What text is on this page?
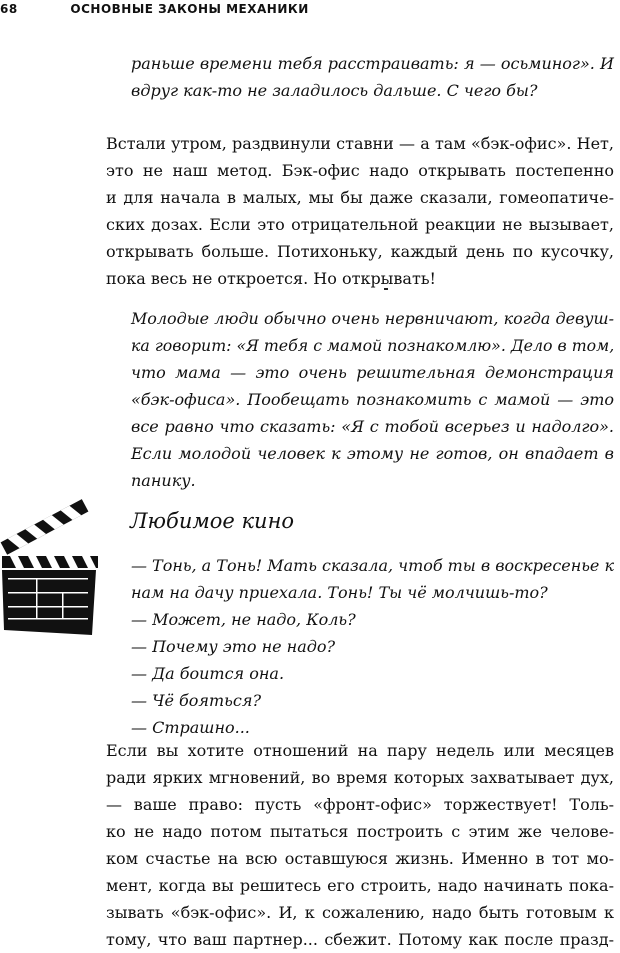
68	ОСНОВНЫЕ ЗАКОНЫ МЕХАНИКИ
раньше времени тебя расстраивать: я — осьминог». И
вдруг как-то не заладилось дальше. С чего бы?
Встали утром, раздвинули ставни — а там «бэк-офис». Нет,
это не наш метод. Бэк-офис надо открывать постепенно
и для начала в малых, мы бы даже сказали, гомеопатиче-
ских дозах. Если это отрицательной реакции не вызывает,
открывать больше. Потихоньку, каждый день по кусочку,
пока весь не откроется. Но открывать!
Молодые люди обычно очень нервничают, когда девуш-
ка говорит: «Я тебя с мамой познакомлю». Дело в том,
что мама — это очень решительная демонстрация
«бэк-офиса». Пообещать познакомить с мамой — это
все равно что сказать: «Я с тобой всерьез и надолго».
Если молодой человек к этому не готов, он впадает в
панику.
Любимое кино
— Тонь, а Тонь! Мать сказала, чтоб ты в воскресенье к
нам на дачу приехала. Тонь! Ты чё молчишь-то?
— Может, не надо, Коль?
— Почему это не надо?
— Да боится она.
— Чё бояться?
— Страшно...
Если вы хотите отношений на пару недель или месяцев
ради ярких мгновений, во время которых захватывает дух,
— ваше право: пусть «фронт-офис» торжествует! Толь-
ко не надо потом пытаться построить с этим же челове-
ком счастье на всю оставшуюся жизнь. Именно в тот мо-
мент, когда вы решитесь его строить, надо начинать пока-
зывать «бэк-офис». И, к сожалению, надо быть готовым к
тому, что ваш партнер... сбежит. Потому как после празд-
